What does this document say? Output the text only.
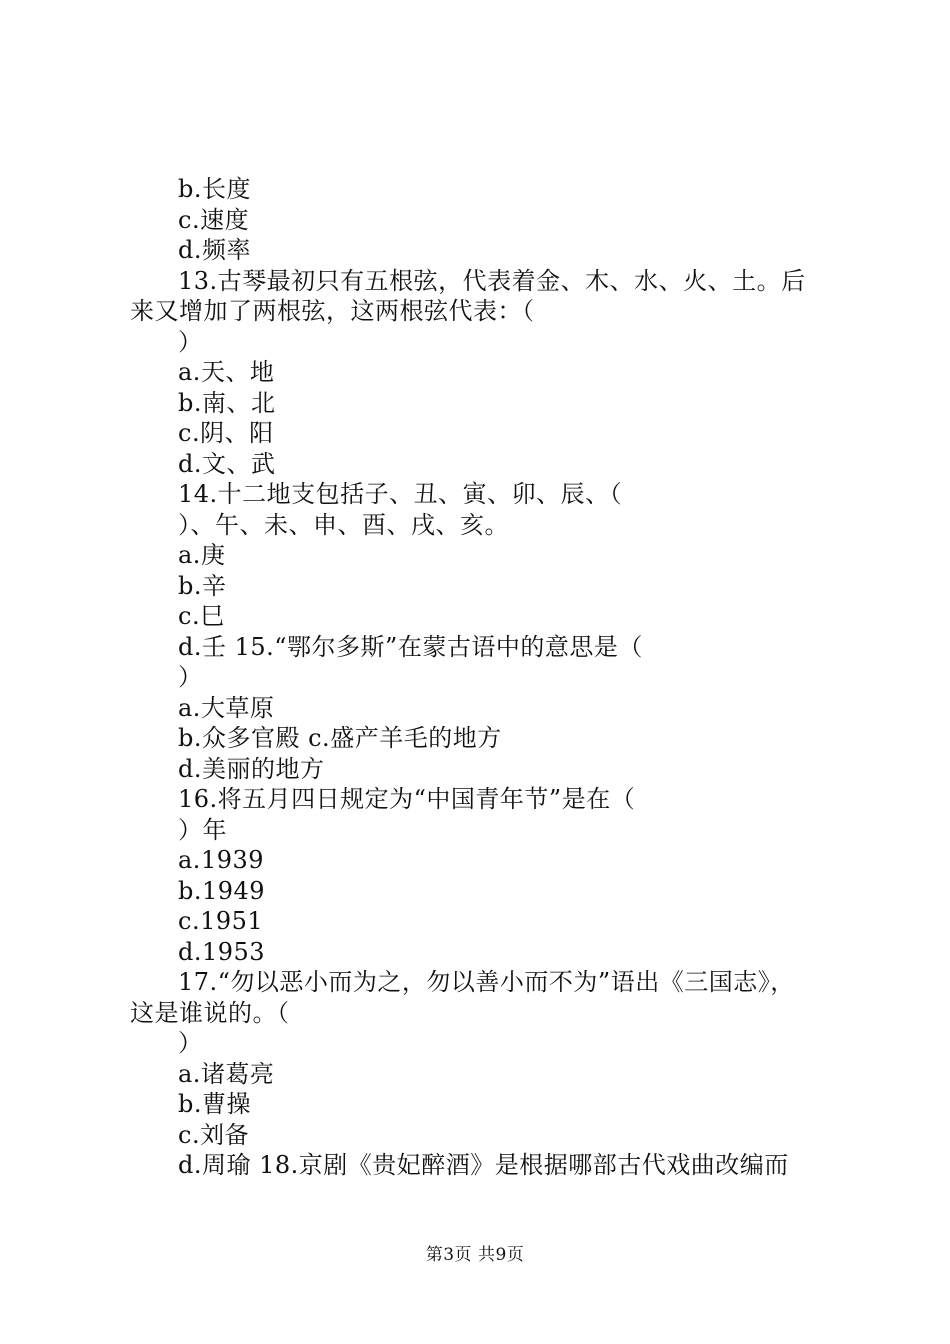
b.长度
c.速度
d.频率
13.古琴最初只有五根弦，代表着金、木、水、火、土。后
来又增加了两根弦，这两根弦代表：（
）
a.天、地
b.南、北
c.阴、阳
d.文、武
14.十二地支包括子、丑、寅、卯、辰、（
）、午、未、申、酉、戌、亥。
a.庚
b.辛
c.巳
d.壬 15.“鄂尔多斯”在蒙古语中的意思是（
）
a.大草原
b.众多官殿 c.盛产羊毛的地方
d.美丽的地方
16.将五月四日规定为“中国青年节”是在（
）年
a.1939
b.1949
c.1951
d.1953
17.“勿以恶小而为之，勿以善小而不为”语出《三国志》，
这是谁说的。（
）
a.诸葛亮
b.曹操
c.刘备
d.周瑜 18.京剧《贵妃醉酒》是根据哪部古代戏曲改编而
第3页 共9页
